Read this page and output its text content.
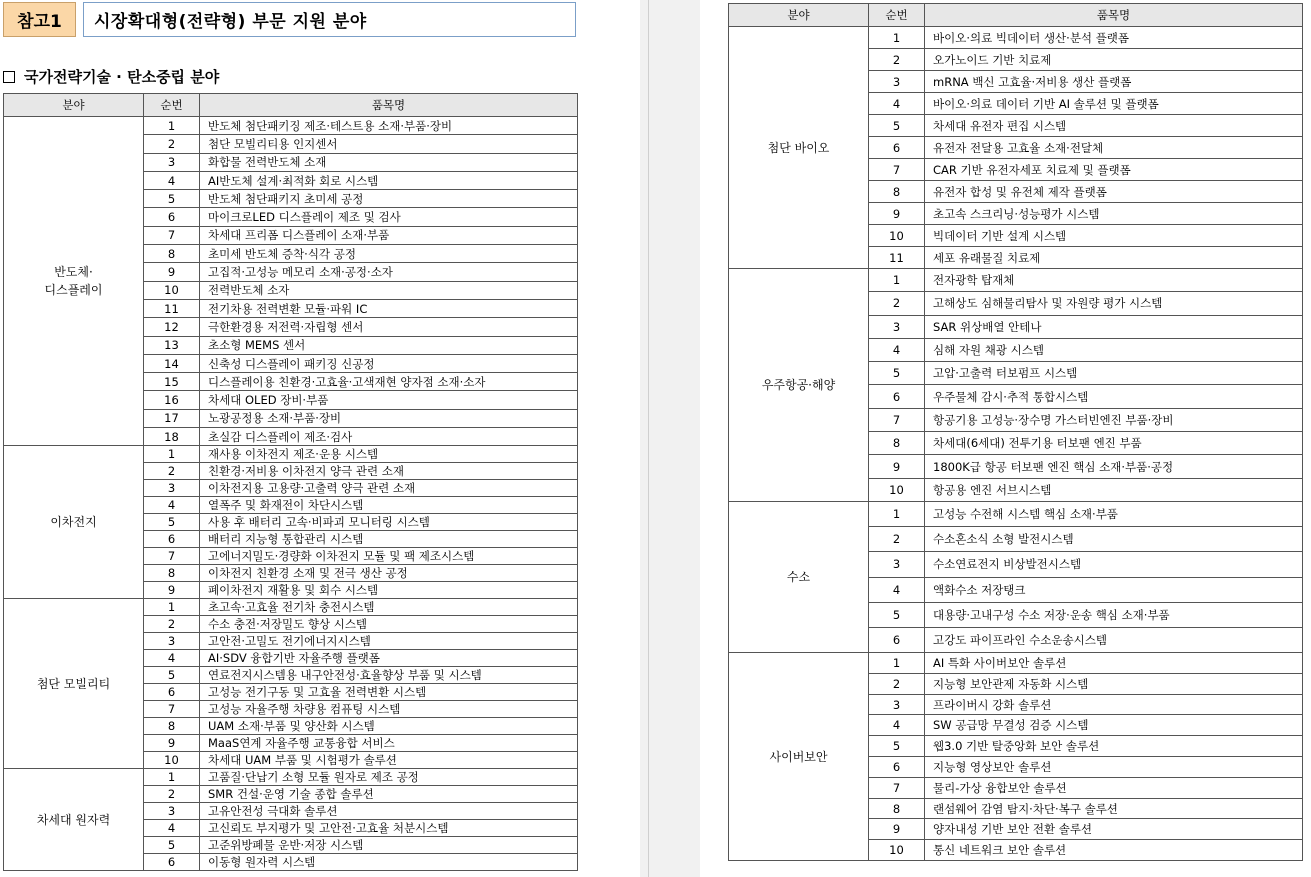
참고1	시장확대형(전략형) 부문 지원 분야
국가전략기술 · 탄소중립 분야
분야	순번	품목명
반도체·
디스플레이	1	반도체 첨단패키징 제조·테스트용 소재·부품·장비
	2	첨단 모빌리티용 인지센서
	3	화합물 전력반도체 소재
	4	AI반도체 설계·최적화 회로 시스템
	5	반도체 첨단패키지 초미세 공정
	6	마이크로LED 디스플레이 제조 및 검사
	7	차세대 프리폼 디스플레이 소재·부품
	8	초미세 반도체 증착·식각 공정
	9	고집적·고성능 메모리 소재·공정·소자
	10	전력반도체 소자
	11	전기차용 전력변환 모듈·파워 IC
	12	극한환경용 저전력·자립형 센서
	13	초소형 MEMS 센서
	14	신축성 디스플레이 패키징 신공정
	15	디스플레이용 친환경·고효율·고색재현 양자점 소재·소자
	16	차세대 OLED 장비·부품
	17	노광공정용 소재·부품·장비
	18	초실감 디스플레이 제조·검사
이차전지	1	재사용 이차전지 제조·운용 시스템
	2	친환경·저비용 이차전지 양극 관련 소재
	3	이차전지용 고용량·고출력 양극 관련 소재
	4	열폭주 및 화재전이 차단시스템
	5	사용 후 배터리 고속·비파괴 모니터링 시스템
	6	배터리 지능형 통합관리 시스템
	7	고에너지밀도·경량화 이차전지 모듈 및 팩 제조시스템
	8	이차전지 친환경 소재 및 전극 생산 공정
	9	폐이차전지 재활용 및 회수 시스템
첨단 모빌리티	1	초고속·고효율 전기차 충전시스템
	2	수소 충전·저장밀도 향상 시스템
	3	고안전·고밀도 전기에너지시스템
	4	AI·SDV 융합기반 자율주행 플랫폼
	5	연료전지시스템용 내구안전성·효율향상 부품 및 시스템
	6	고성능 전기구동 및 고효율 전력변환 시스템
	7	고성능 자율주행 차량용 컴퓨팅 시스템
	8	UAM 소재·부품 및 양산화 시스템
	9	MaaS연계 자율주행 교통융합 서비스
	10	차세대 UAM 부품 및 시험평가 솔루션
차세대 원자력	1	고품질·단납기 소형 모듈 원자로 제조 공정
	2	SMR 건설·운영 기술 종합 솔루션
	3	고유안전성 극대화 솔루션
	4	고신뢰도 부지평가 및 고안전·고효율 처분시스템
	5	고준위방폐물 운반·저장 시스템
	6	이동형 원자력 시스템
분야	순번	품목명
첨단 바이오	1	바이오·의료 빅데이터 생산·분석 플랫폼
	2	오가노이드 기반 치료제
	3	mRNA 백신 고효율·저비용 생산 플랫폼
	4	바이오·의료 데이터 기반 AI 솔루션 및 플랫폼
	5	차세대 유전자 편집 시스템
	6	유전자 전달용 고효율 소재·전달체
	7	CAR 기반 유전자세포 치료제 및 플랫폼
	8	유전자 합성 및 유전체 제작 플랫폼
	9	초고속 스크리닝·성능평가 시스템
	10	빅데이터 기반 설계 시스템
	11	세포 유래물질 치료제
우주항공·해양	1	전자광학 탑재체
	2	고해상도 심해물리탐사 및 자원량 평가 시스템
	3	SAR 위상배열 안테나
	4	심해 자원 채광 시스템
	5	고압·고출력 터보펌프 시스템
	6	우주물체 감시·추적 통합시스템
	7	항공기용 고성능·장수명 가스터빈엔진 부품·장비
	8	차세대(6세대) 전투기용 터보팬 엔진 부품
	9	1800K급 항공 터보팬 엔진 핵심 소재·부품·공정
	10	항공용 엔진 서브시스템
수소	1	고성능 수전해 시스템 핵심 소재·부품
	2	수소혼소식 소형 발전시스템
	3	수소연료전지 비상발전시스템
	4	액화수소 저장탱크
	5	대용량·고내구성 수소 저장·운송 핵심 소재·부품
	6	고강도 파이프라인 수소운송시스템
사이버보안	1	AI 특화 사이버보안 솔루션
	2	지능형 보안관제 자동화 시스템
	3	프라이버시 강화 솔루션
	4	SW 공급망 무결성 검증 시스템
	5	웹3.0 기반 탈중앙화 보안 솔루션
	6	지능형 영상보안 솔루션
	7	물리-가상 융합보안 솔루션
	8	랜섬웨어 감염 탐지·차단·복구 솔루션
	9	양자내성 기반 보안 전환 솔루션
	10	통신 네트워크 보안 솔루션
